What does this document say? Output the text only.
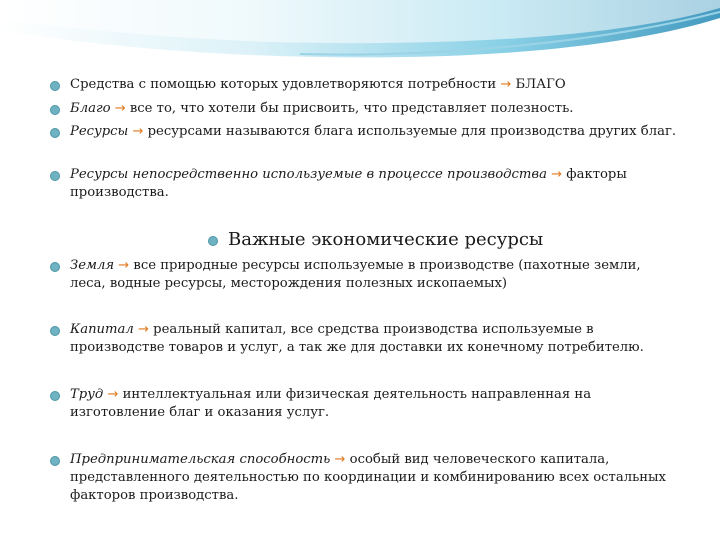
Средства с помощью которых удовлетворяются потребности → БЛАГО
Благо → все то, что хотели бы присвоить, что представляет полезность.
Ресурсы → ресурсами называются блага используемые для производства других благ.
Ресурсы непосредственно используемые в процессе производства → факторы производства.
Важные экономические ресурсы
Земля → все природные ресурсы используемые в производстве (пахотные земли, леса, водные ресурсы, месторождения полезных ископаемых)
Капитал → реальный капитал, все средства производства используемые в производстве товаров и услуг, а так же для доставки их конечному потребителю.
Труд → интеллектуальная или физическая деятельность направленная на изготовление благ и оказания услуг.
Предпринимательская способность → особый вид человеческого капитала, представленного деятельностью по координации и комбинированию всех остальных факторов производства.
